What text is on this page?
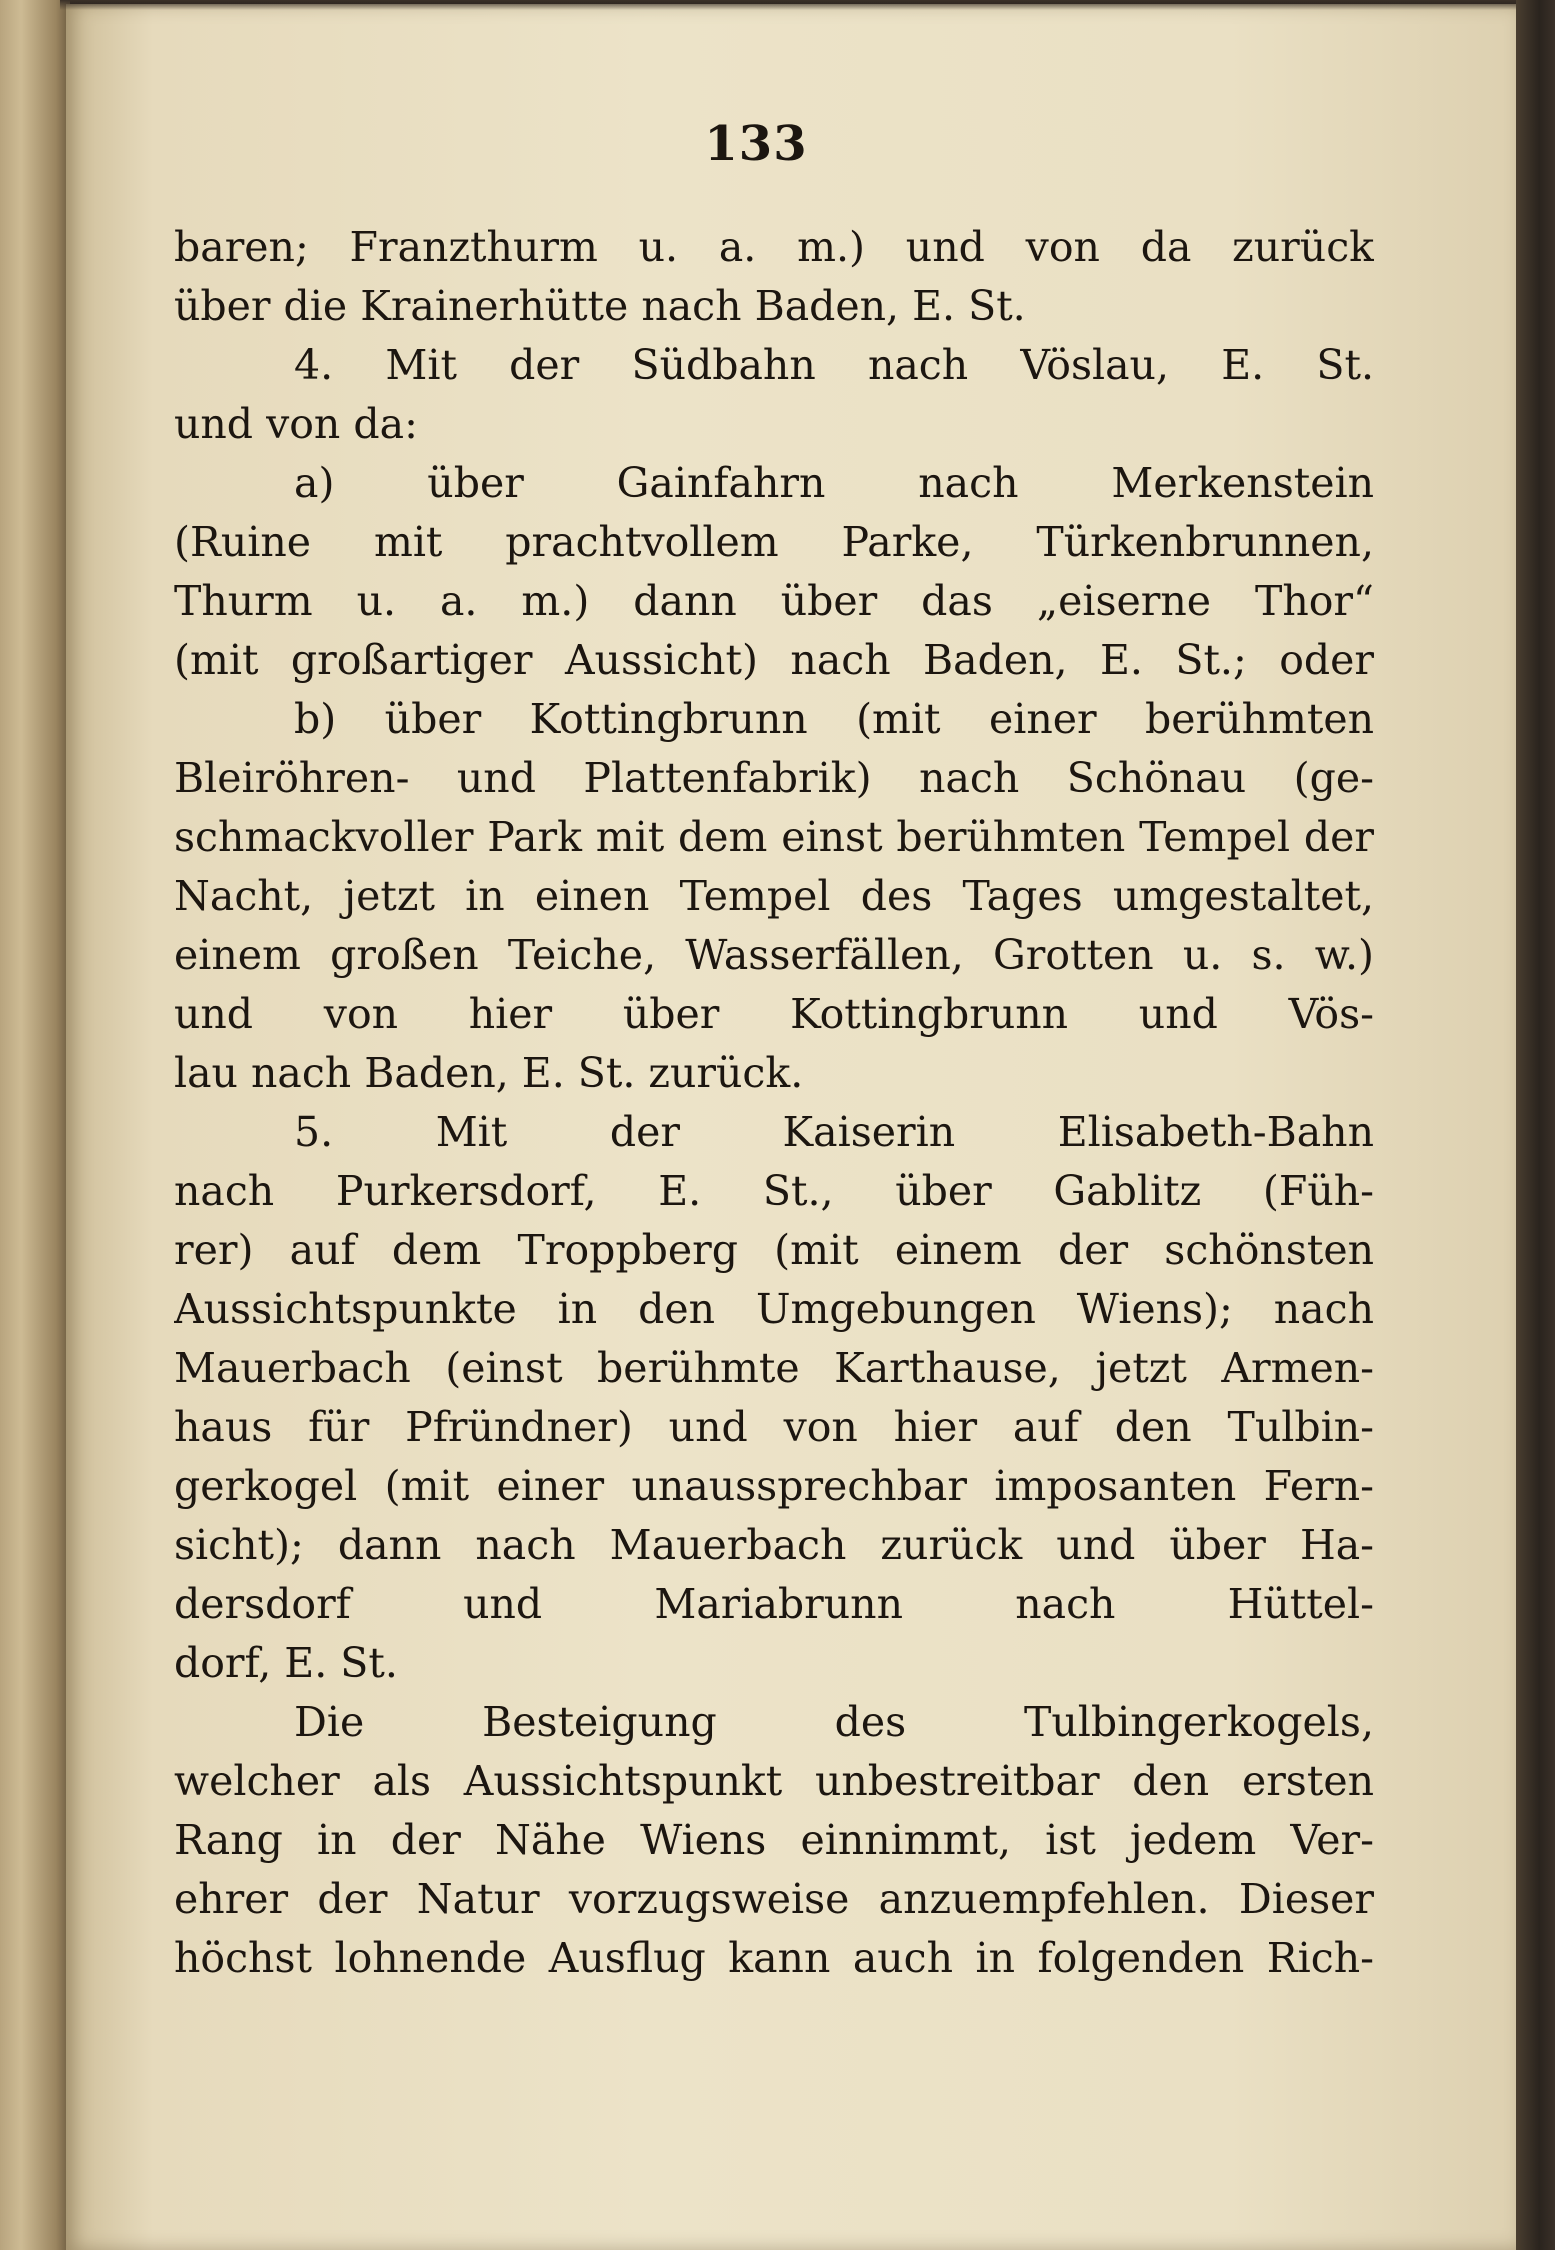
133
baren; Franzthurm u. a. m.) und von da zurück
über die Krainerhütte nach Baden, E. St.
4. Mit der Südbahn nach Vöslau, E. St.
und von da:
a) über Gainfahrn nach Merkenstein
(Ruine mit prachtvollem Parke, Türkenbrunnen,
Thurm u. a. m.) dann über das „eiserne Thor“
(mit großartiger Aussicht) nach Baden, E. St.; oder
b) über Kottingbrunn (mit einer berühmten
Bleiröhren- und Plattenfabrik) nach Schönau (ge-
schmackvoller Park mit dem einst berühmten Tempel der
Nacht, jetzt in einen Tempel des Tages umgestaltet,
einem großen Teiche, Wasserfällen, Grotten u. s. w.)
und von hier über Kottingbrunn und Vös-
lau nach Baden, E. St. zurück.
5. Mit der Kaiserin Elisabeth-Bahn
nach Purkersdorf, E. St., über Gablitz (Füh-
rer) auf dem Troppberg (mit einem der schönsten
Aussichtspunkte in den Umgebungen Wiens); nach
Mauerbach (einst berühmte Karthause, jetzt Armen-
haus für Pfründner) und von hier auf den Tulbin-
gerkogel (mit einer unaussprechbar imposanten Fern-
sicht); dann nach Mauerbach zurück und über Ha-
dersdorf und Mariabrunn nach Hüttel-
dorf, E. St.
Die Besteigung des Tulbingerkogels,
welcher als Aussichtspunkt unbestreitbar den ersten
Rang in der Nähe Wiens einnimmt, ist jedem Ver-
ehrer der Natur vorzugsweise anzuempfehlen. Dieser
höchst lohnende Ausflug kann auch in folgenden Rich-
